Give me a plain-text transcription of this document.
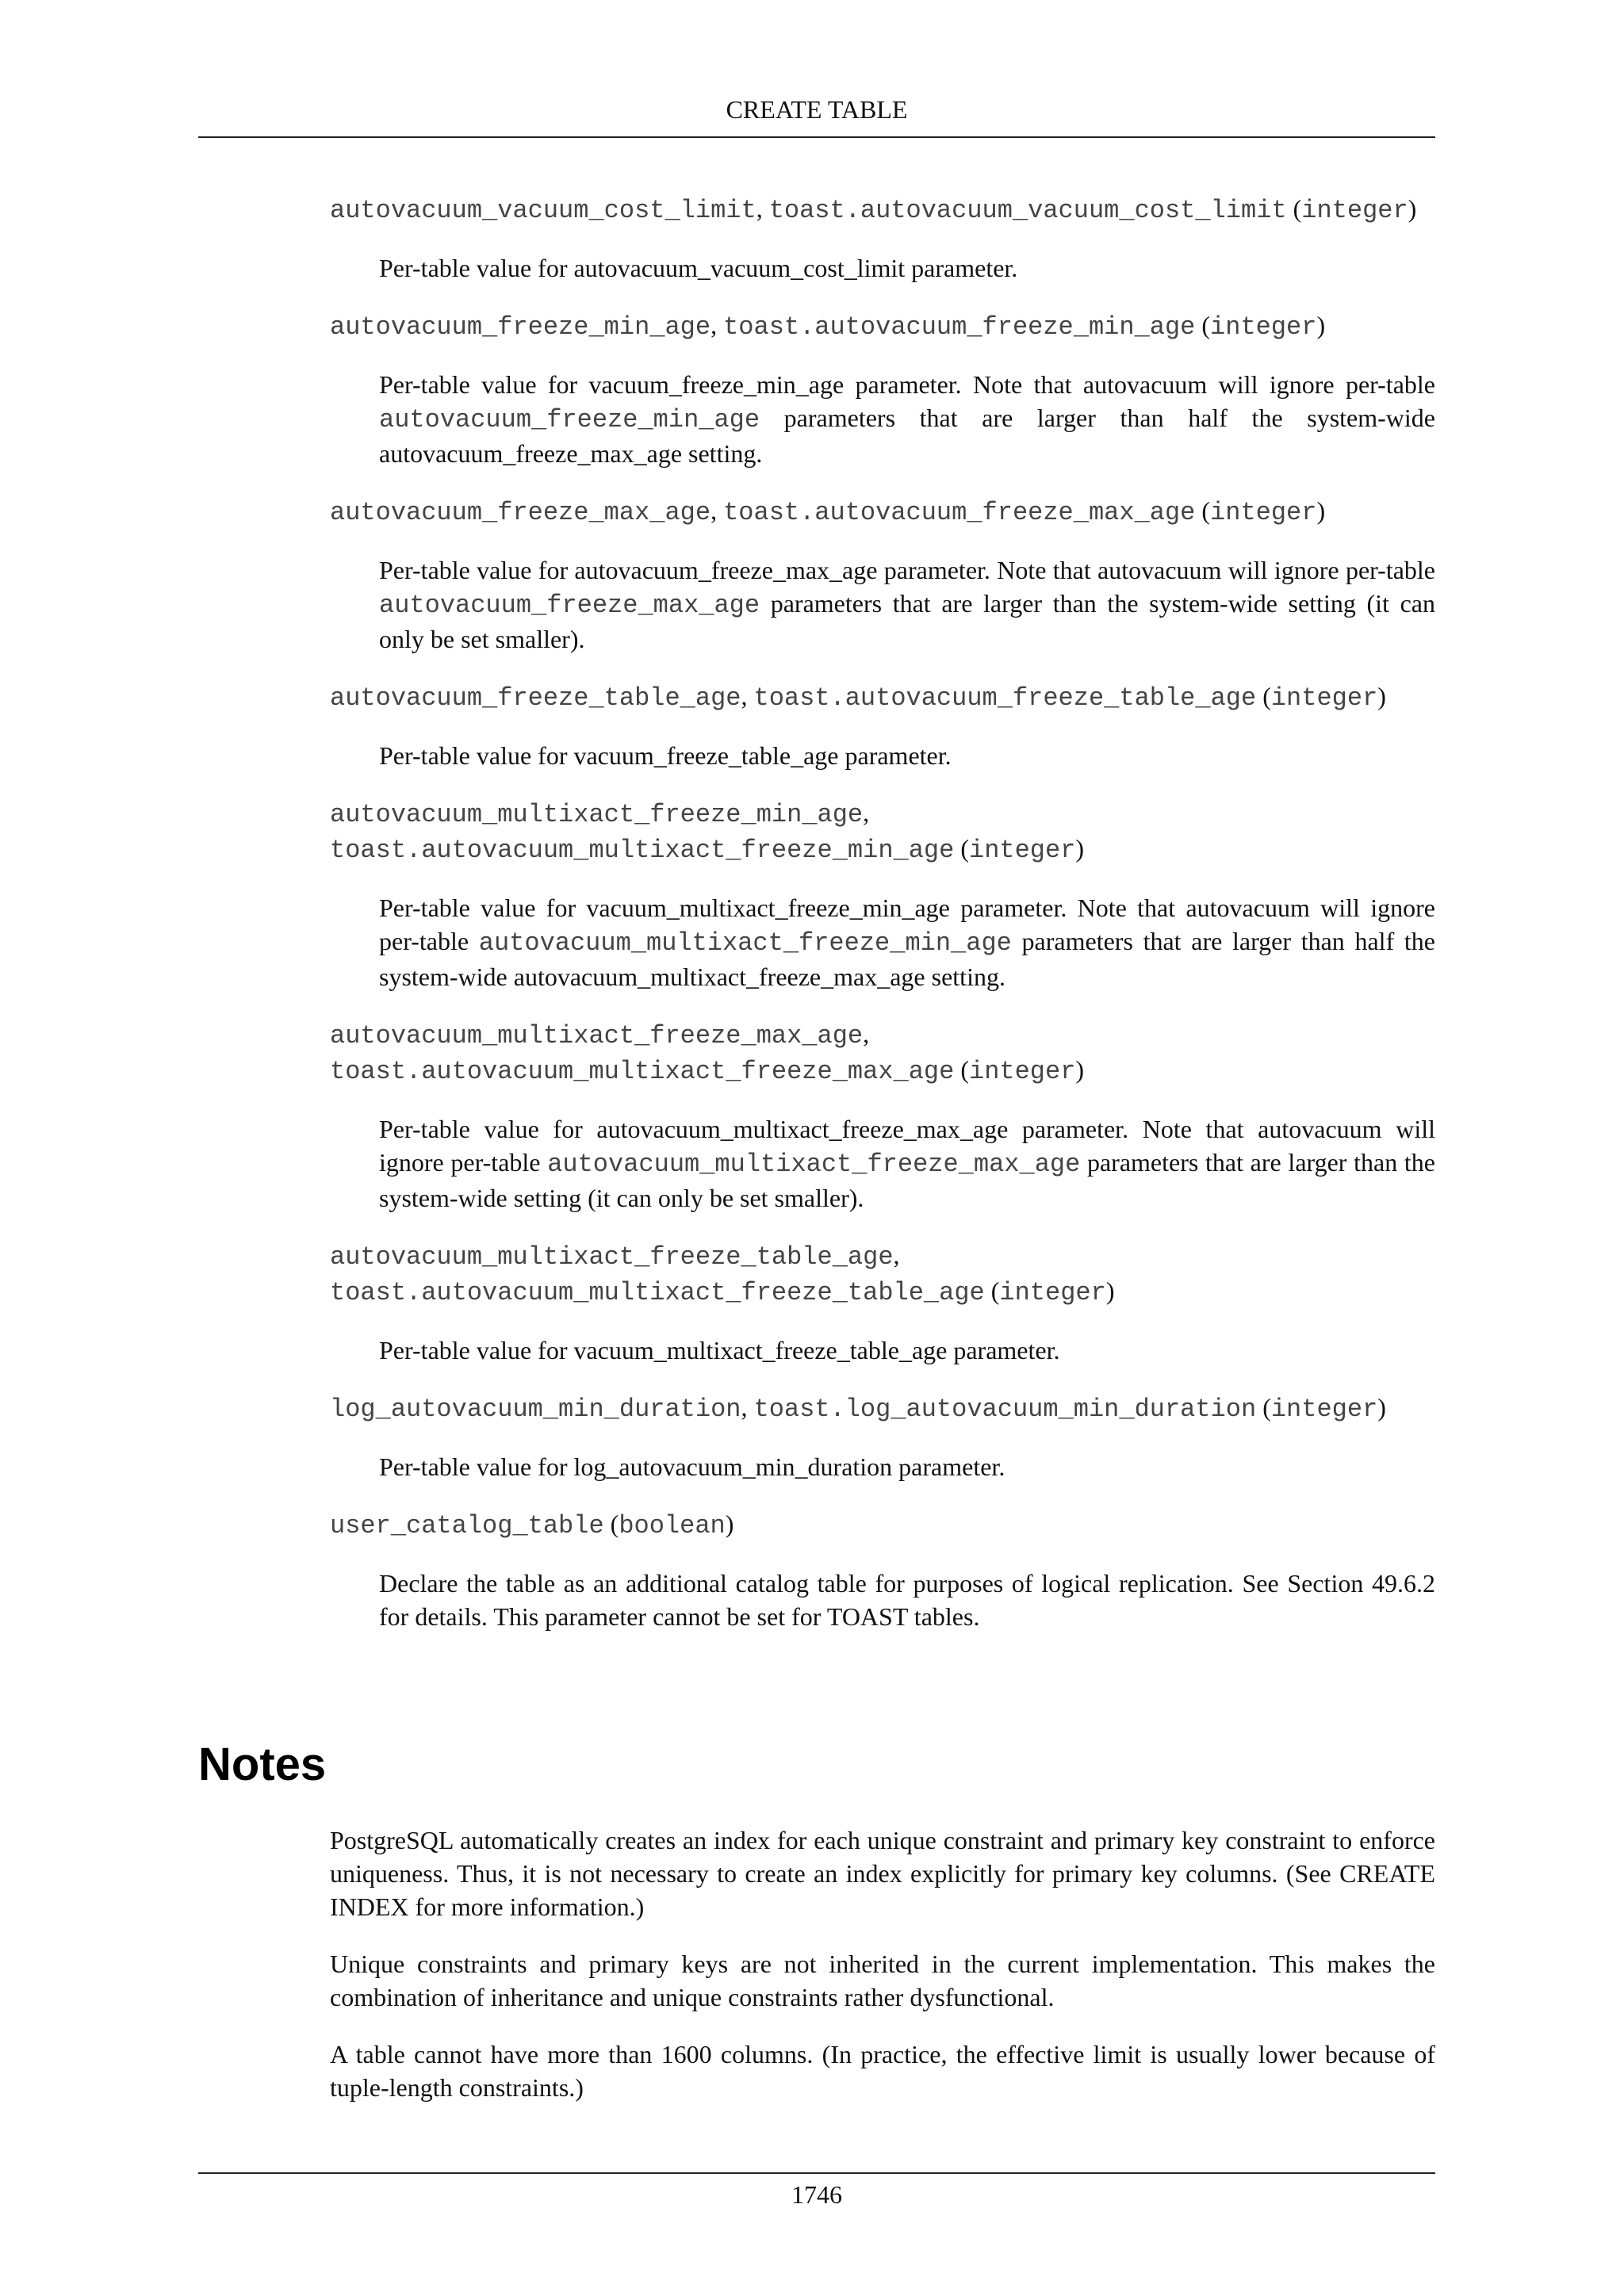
CREATE TABLE

autovacuum_vacuum_cost_limit, toast.autovacuum_vacuum_cost_limit (integer)

Per-table value for autovacuum_vacuum_cost_limit parameter.

autovacuum_freeze_min_age, toast.autovacuum_freeze_min_age (integer)

Per-table value for vacuum_freeze_min_age parameter. Note that autovacuum will ignore per-table autovacuum_freeze_min_age parameters that are larger than half the system-wide autovacuum_freeze_max_age setting.

autovacuum_freeze_max_age, toast.autovacuum_freeze_max_age (integer)

Per-table value for autovacuum_freeze_max_age parameter. Note that autovacuum will ignore per-table autovacuum_freeze_max_age parameters that are larger than the system-wide setting (it can only be set smaller).

autovacuum_freeze_table_age, toast.autovacuum_freeze_table_age (integer)

Per-table value for vacuum_freeze_table_age parameter.

autovacuum_multixact_freeze_min_age, toast.autovacuum_multixact_freeze_min_age (integer)

Per-table value for vacuum_multixact_freeze_min_age parameter. Note that autovacuum will ignore per-table autovacuum_multixact_freeze_min_age parameters that are larger than half the system-wide autovacuum_multixact_freeze_max_age setting.

autovacuum_multixact_freeze_max_age, toast.autovacuum_multixact_freeze_max_age (integer)

Per-table value for autovacuum_multixact_freeze_max_age parameter. Note that autovacuum will ignore per-table autovacuum_multixact_freeze_max_age parameters that are larger than the system-wide setting (it can only be set smaller).

autovacuum_multixact_freeze_table_age, toast.autovacuum_multixact_freeze_table_age (integer)

Per-table value for vacuum_multixact_freeze_table_age parameter.

log_autovacuum_min_duration, toast.log_autovacuum_min_duration (integer)

Per-table value for log_autovacuum_min_duration parameter.

user_catalog_table (boolean)

Declare the table as an additional catalog table for purposes of logical replication. See Section 49.6.2 for details. This parameter cannot be set for TOAST tables.

Notes

PostgreSQL automatically creates an index for each unique constraint and primary key constraint to enforce uniqueness. Thus, it is not necessary to create an index explicitly for primary key columns. (See CREATE INDEX for more information.)

Unique constraints and primary keys are not inherited in the current implementation. This makes the combination of inheritance and unique constraints rather dysfunctional.

A table cannot have more than 1600 columns. (In practice, the effective limit is usually lower because of tuple-length constraints.)

1746
